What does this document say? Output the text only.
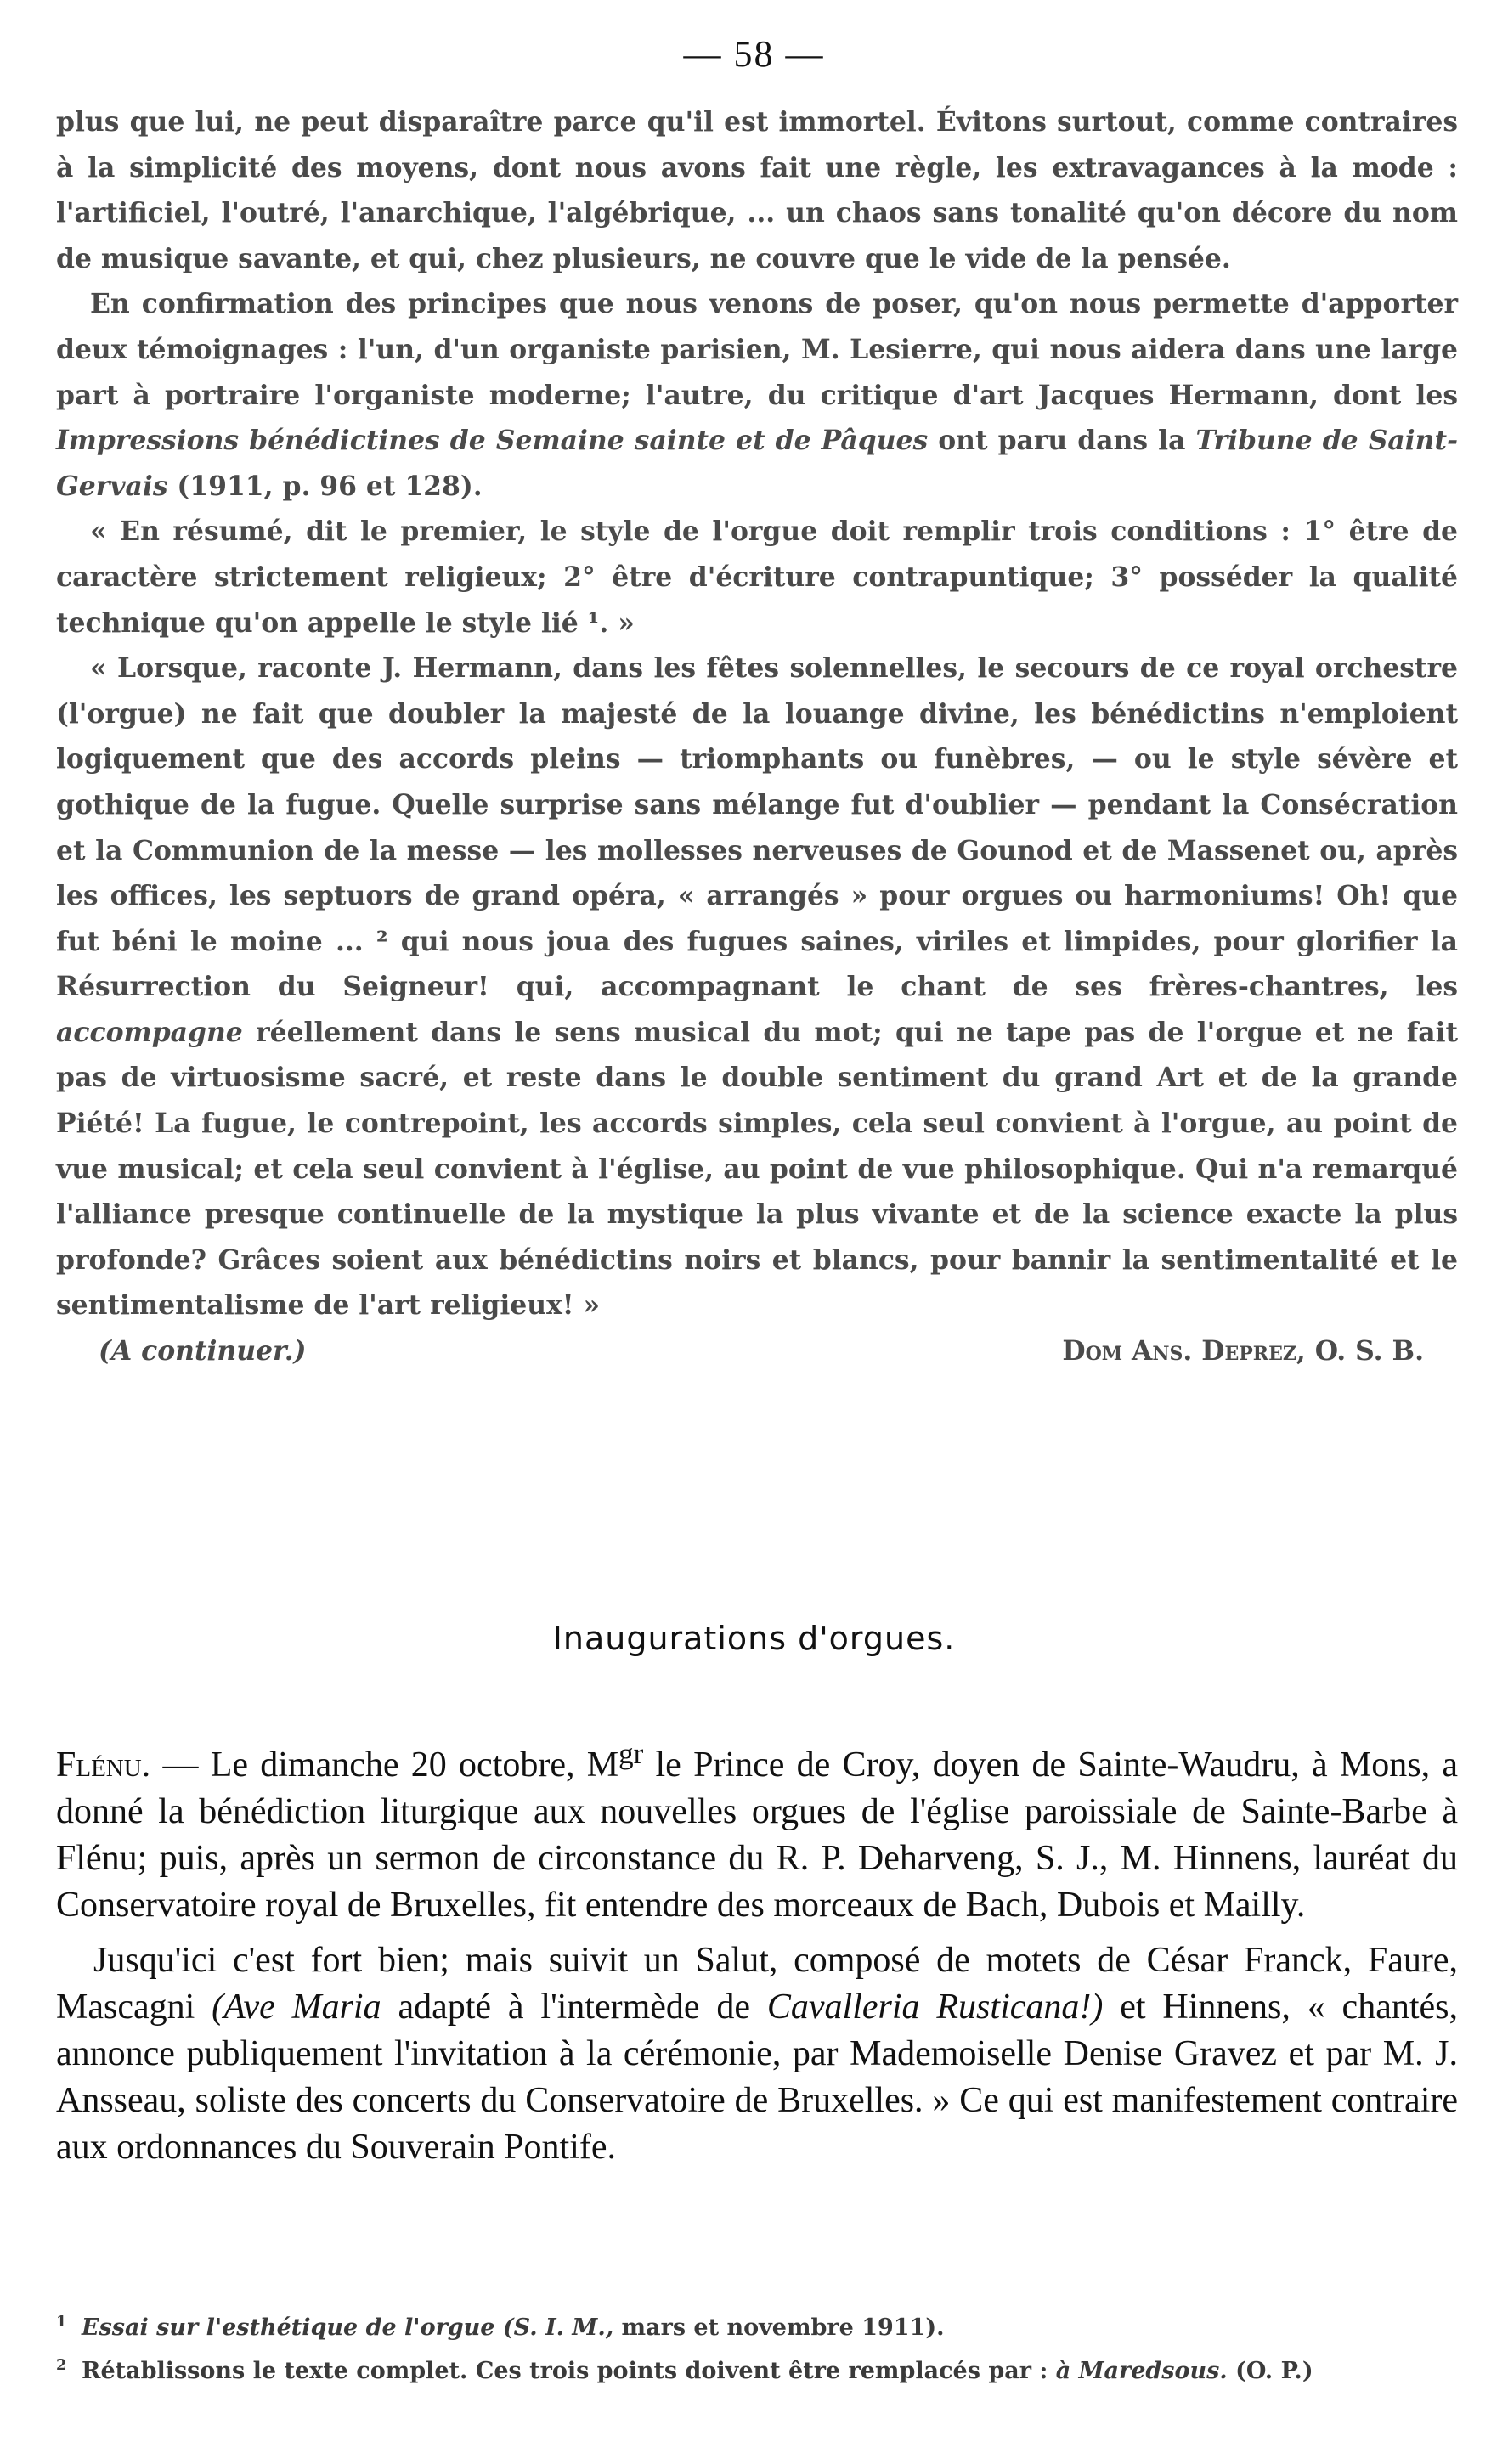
— 58 —

plus que lui, ne peut disparaître parce qu'il est immortel. Évitons surtout, comme contraires à la simplicité des moyens, dont nous avons fait une règle, les extravagances à la mode : l'artificiel, l'outré, l'anarchique, l'algébrique, ... un chaos sans tonalité qu'on décore du nom de musique savante, et qui, chez plusieurs, ne couvre que le vide de la pensée.

En confirmation des principes que nous venons de poser, qu'on nous permette d'apporter deux témoignages : l'un, d'un organiste parisien, M. Lesierre, qui nous aidera dans une large part à portraire l'organiste moderne; l'autre, du critique d'art Jacques Hermann, dont les Impressions bénédictines de Semaine sainte et de Pâques ont paru dans la Tribune de Saint-Gervais (1911, p. 96 et 128).

« En résumé, dit le premier, le style de l'orgue doit remplir trois conditions : 1° être de caractère strictement religieux; 2° être d'écriture contrapuntique; 3° posséder la qualité technique qu'on appelle le style lié ¹. »

« Lorsque, raconte J. Hermann, dans les fêtes solennelles, le secours de ce royal orchestre (l'orgue) ne fait que doubler la majesté de la louange divine, les bénédictins n'emploient logiquement que des accords pleins — triomphants ou funèbres, — ou le style sévère et gothique de la fugue. Quelle surprise sans mélange fut d'oublier — pendant la Consécration et la Communion de la messe — les mollesses nerveuses de Gounod et de Massenet ou, après les offices, les septuors de grand opéra, « arrangés » pour orgues ou harmoniums! Oh! que fut béni le moine ... ² qui nous joua des fugues saines, viriles et limpides, pour glorifier la Résurrection du Seigneur! qui, accompagnant le chant de ses frères-chantres, les accompagne réellement dans le sens musical du mot; qui ne tape pas de l'orgue et ne fait pas de virtuosisme sacré, et reste dans le double sentiment du grand Art et de la grande Piété! La fugue, le contrepoint, les accords simples, cela seul convient à l'orgue, au point de vue musical; et cela seul convient à l'église, au point de vue philosophique. Qui n'a remarqué l'alliance presque continuelle de la mystique la plus vivante et de la science exacte la plus profonde? Grâces soient aux bénédictins noirs et blancs, pour bannir la sentimentalité et le sentimentalisme de l'art religieux! »

(A continuer.)	Dom Ans. Deprez, O. S. B.
Inaugurations d'orgues.

Flénu. — Le dimanche 20 octobre, $M^{gr}$ le Prince de Croy, doyen de Sainte-Waudru, à Mons, a donné la bénédiction liturgique aux nouvelles orgues de l'église paroissiale de Sainte-Barbe à Flénu; puis, après un sermon de circonstance du R. P. Deharveng, S. J., M. Hinnens, lauréat du Conservatoire royal de Bruxelles, fit entendre des morceaux de Bach, Dubois et Mailly.

Jusqu'ici c'est fort bien; mais suivit un Salut, composé de motets de César Franck, Faure, Mascagni (Ave Maria adapté à l'intermède de Cavalleria Rusticana!) et Hinnens, « chantés, annonce publiquement l'invitation à la cérémonie, par Mademoiselle Denise Gravez et par M. J. Ansseau, soliste des concerts du Conservatoire de Bruxelles. » Ce qui est manifestement contraire aux ordonnances du Souverain Pontife.

$^1$ Essai sur l'esthétique de l'orgue (S. I. M., mars et novembre 1911).

$^2$ Rétablissons le texte complet. Ces trois points doivent être remplacés par : à Maredsous. (O. P.)
